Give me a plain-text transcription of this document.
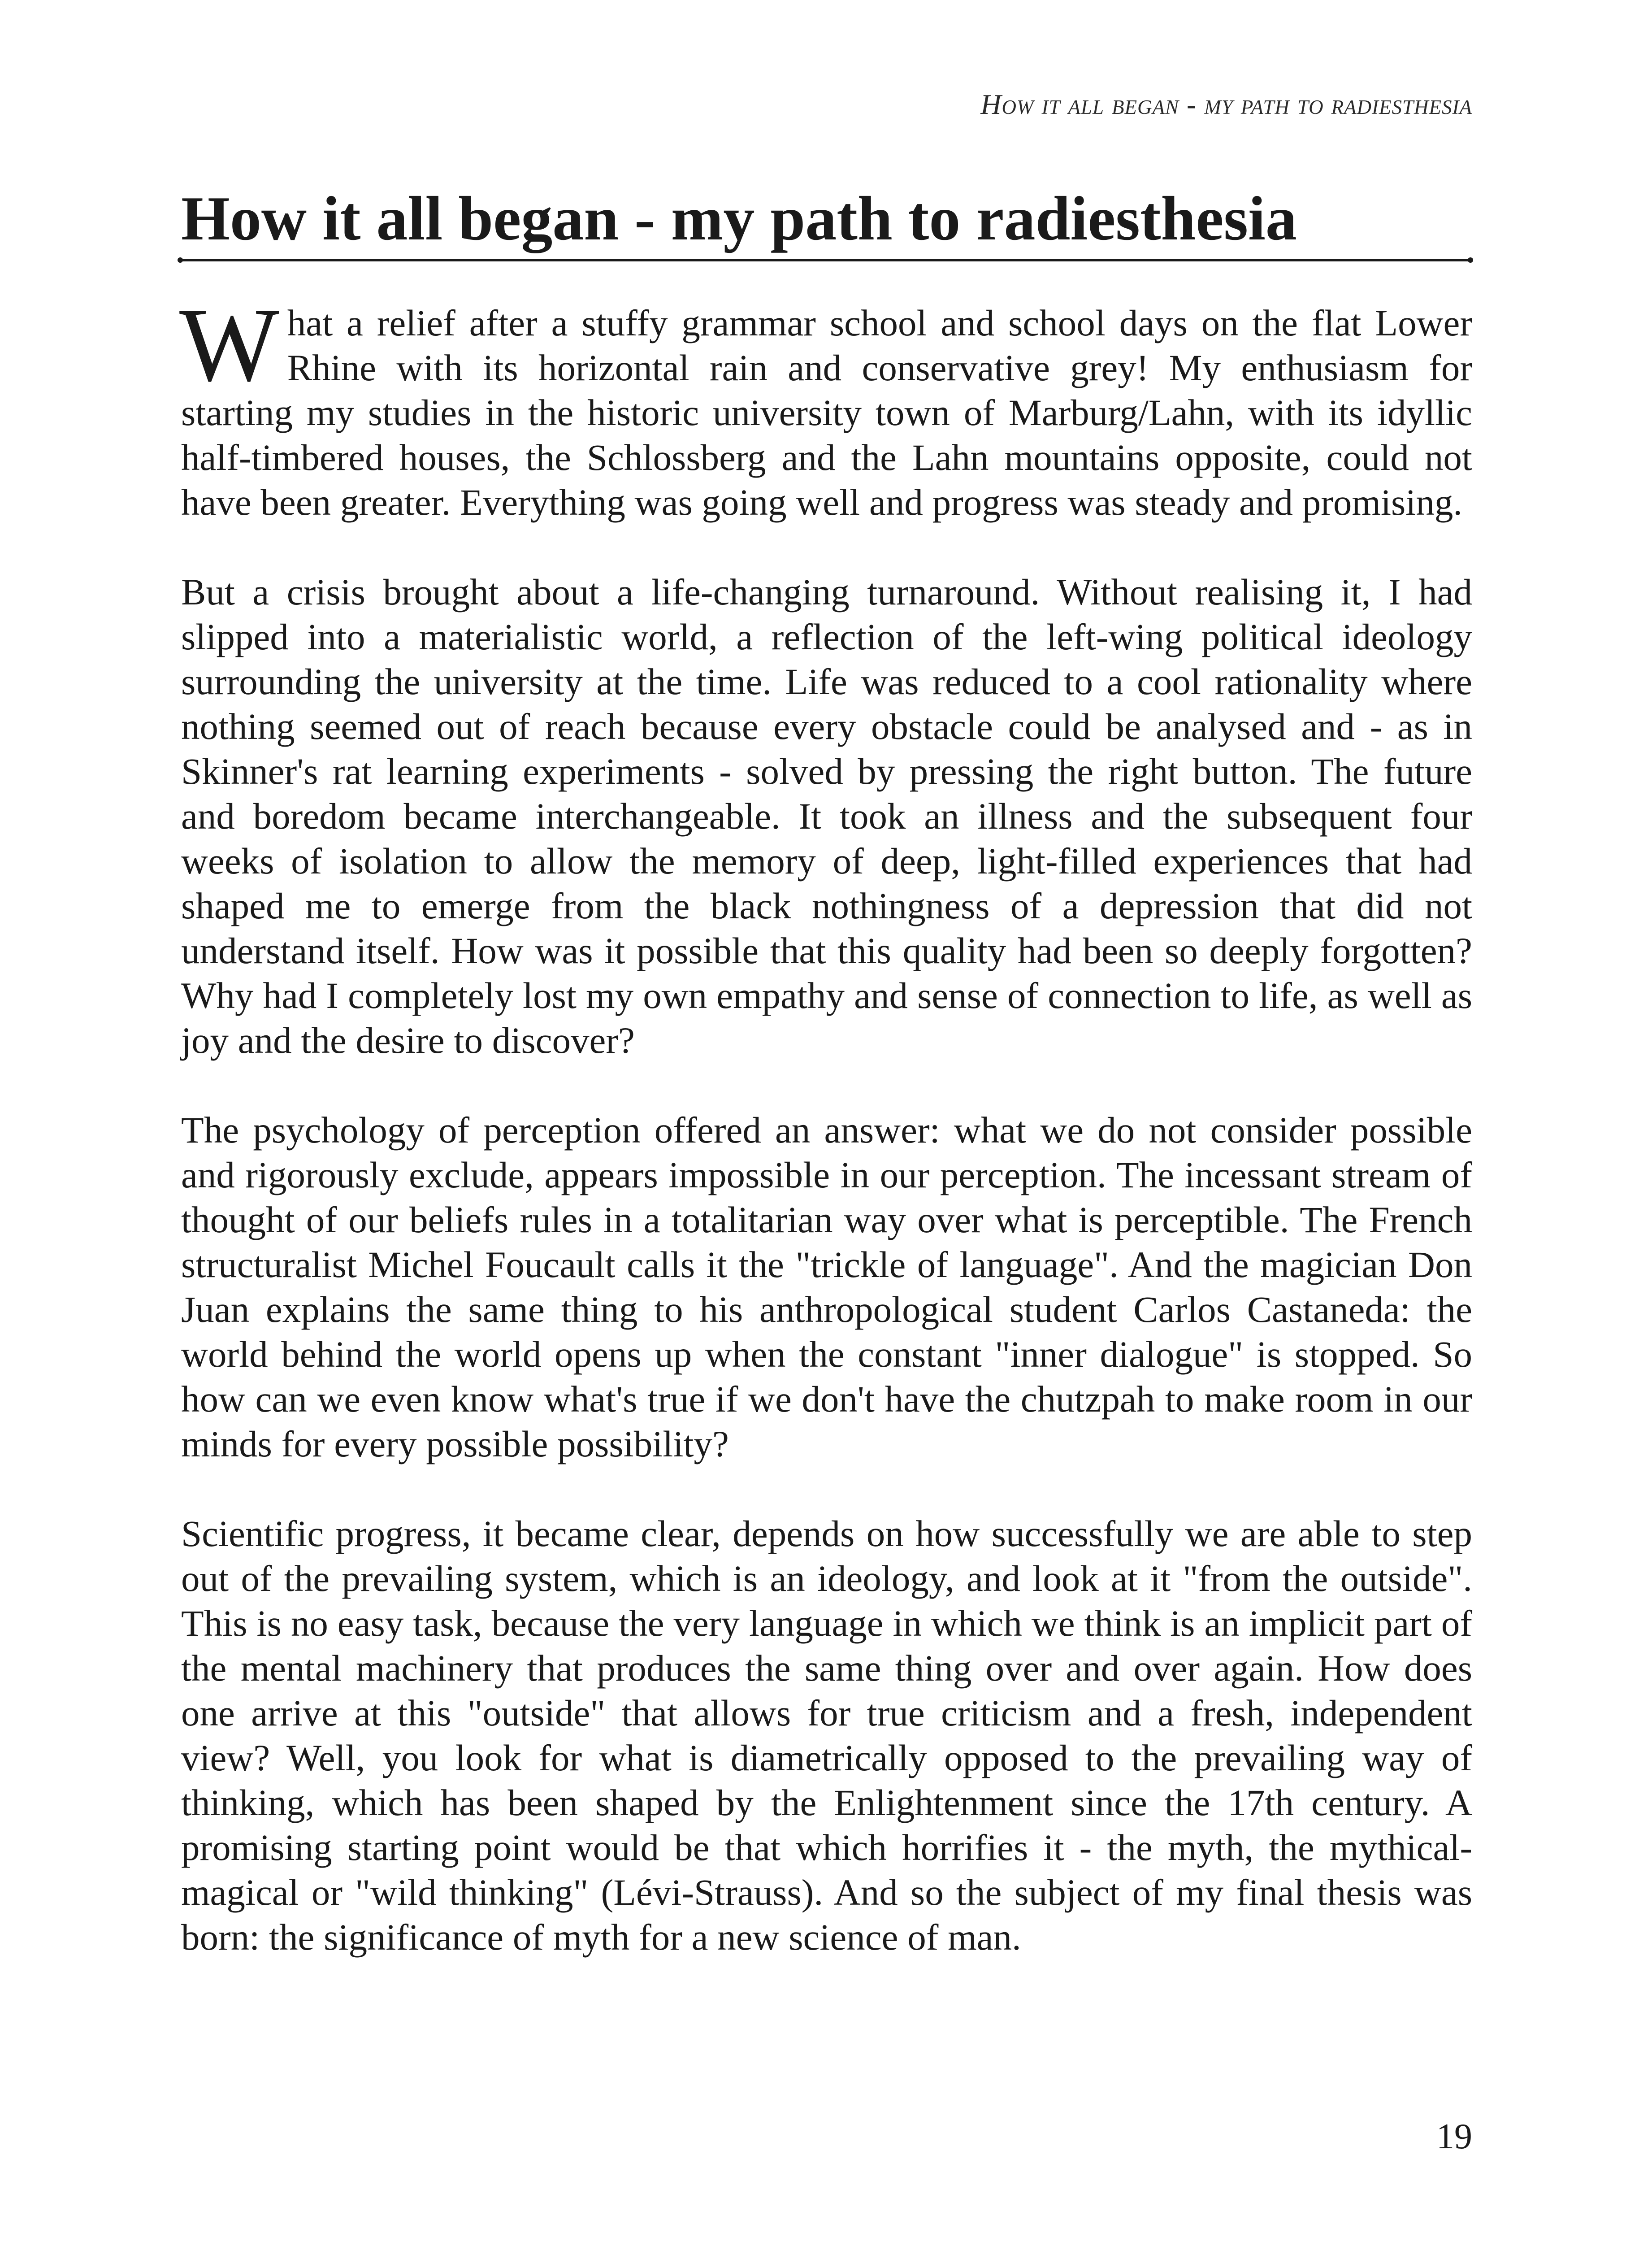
How it all began - my path to radiesthesia
How it all began - my path to radiesthesia

What a relief after a stuffy grammar school and school days on the flat Lower Rhine with its horizontal rain and conservative grey! My enthusiasm for starting my studies in the historic university town of Marburg/Lahn, with its idyllic half-timbered houses, the Schlossberg and the Lahn mountains opposite, could not have been greater. Everything was going well and progress was steady and promising.

But a crisis brought about a life-changing turnaround. Without realising it, I had slipped into a materialistic world, a reflection of the left-wing political ideology surrounding the university at the time. Life was reduced to a cool rationality where nothing seemed out of reach because every obstacle could be analysed and - as in Skinner's rat learning experiments - solved by pressing the right button. The future and boredom became interchangeable. It took an illness and the subsequent four weeks of isolation to allow the memory of deep, light-filled experiences that had shaped me to emerge from the black nothingness of a depression that did not understand itself. How was it possible that this quality had been so deeply forgotten? Why had I completely lost my own empathy and sense of connection to life, as well as joy and the desire to discover?

The psychology of perception offered an answer: what we do not consider possible and rigorously exclude, appears impossible in our perception. The incessant stream of thought of our beliefs rules in a totalitarian way over what is perceptible. The French structuralist Michel Foucault calls it the "trickle of language". And the magician Don Juan explains the same thing to his anthropological student Carlos Castaneda: the world behind the world opens up when the constant "inner dialogue" is stopped. So how can we even know what's true if we don't have the chutzpah to make room in our minds for every possible possibility?

Scientific progress, it became clear, depends on how successfully we are able to step out of the prevailing system, which is an ideology, and look at it "from the outside". This is no easy task, because the very language in which we think is an implicit part of the mental machinery that produces the same thing over and over again. How does one arrive at this "outside" that allows for true criticism and a fresh, independent view? Well, you look for what is diametrically opposed to the prevailing way of thinking, which has been shaped by the Enlightenment since the 17th century. A promising starting point would be that which horrifies it - the myth, the mythical-magical or "wild thinking" (Lévi-Strauss). And so the subject of my final thesis was born: the significance of myth for a new science of man.

19
